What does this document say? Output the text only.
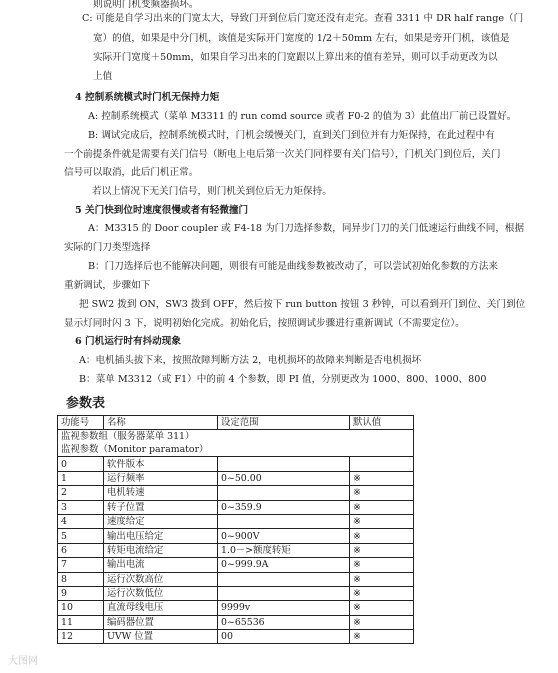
则说明门机变频器损坏。
C: 可能是自学习出来的门宽太大，导致门开到位后门宽还没有走完。查看 3311 中 DR half range（门
宽）的值，如果是中分门机，该值是实际开门宽度的 1/2＋50mm 左右，如果是旁开门机，该值是
实际开门宽度＋50mm，如果自学习出来的门宽跟以上算出来的值有差异，则可以手动更改为以
上值
4 控制系统模式时门机无保持力矩
A: 控制系统模式（菜单 M3311 的 run comd source 或者 F0-2 的值为 3）此值出厂前已设置好。
B: 调试完成后，控制系统模式时，门机会缓慢关门，直到关门到位并有力矩保持，在此过程中有
一个前提条件就是需要有关门信号（断电上电后第一次关门同样要有关门信号），门机关门到位后，关门
信号可以取消，此后门机正常。
若以上情况下无关门信号，则门机关到位后无力矩保持。
5 关门快到位时速度很慢或者有轻微撞门
A：M3315 的 Door coupler 或 F4-18 为门刀选择参数，同异步门刀的关门低速运行曲线不同，根据
实际的门刀类型选择
B：门刀选择后也不能解决问题，则很有可能是曲线参数被改动了，可以尝试初始化参数的方法来
重新调试，步骤如下
把 SW2 拨到 ON，SW3 拨到 OFF，然后按下 run button 按钮 3 秒钟，可以看到开门到位、关门到位
显示灯同时闪 3 下，说明初始化完成。初始化后，按照调试步骤进行重新调试（不需要定位）。
6 门机运行时有抖动现象
A：电机插头拔下来，按照故障判断方法 2，电机损坏的故障来判断是否电机损坏
B：菜单 M3312（或 F1）中的前 4 个参数，即 PI 值，分别更改为 1000、800、1000、800
参数表
功能号	名称	设定范围	默认值
监视参数组（服务器菜单 311）			
监视参数（Monitor paramator）			
0	软件版本		
1	运行频率	0~50.00	※
2	电机转速		※
3	转子位置	0~359.9	※
4	速度给定		※
5	输出电压给定	0~900V	※
6	转矩电流给定	1.0－>额度转矩	※
7	输出电流	0~999.9A	※
8	运行次数高位		※
9	运行次数低位		※
10	直流母线电压	9999v	※
11	编码器位置	0~65536	※
12	UVW 位置	00	※
大图网
